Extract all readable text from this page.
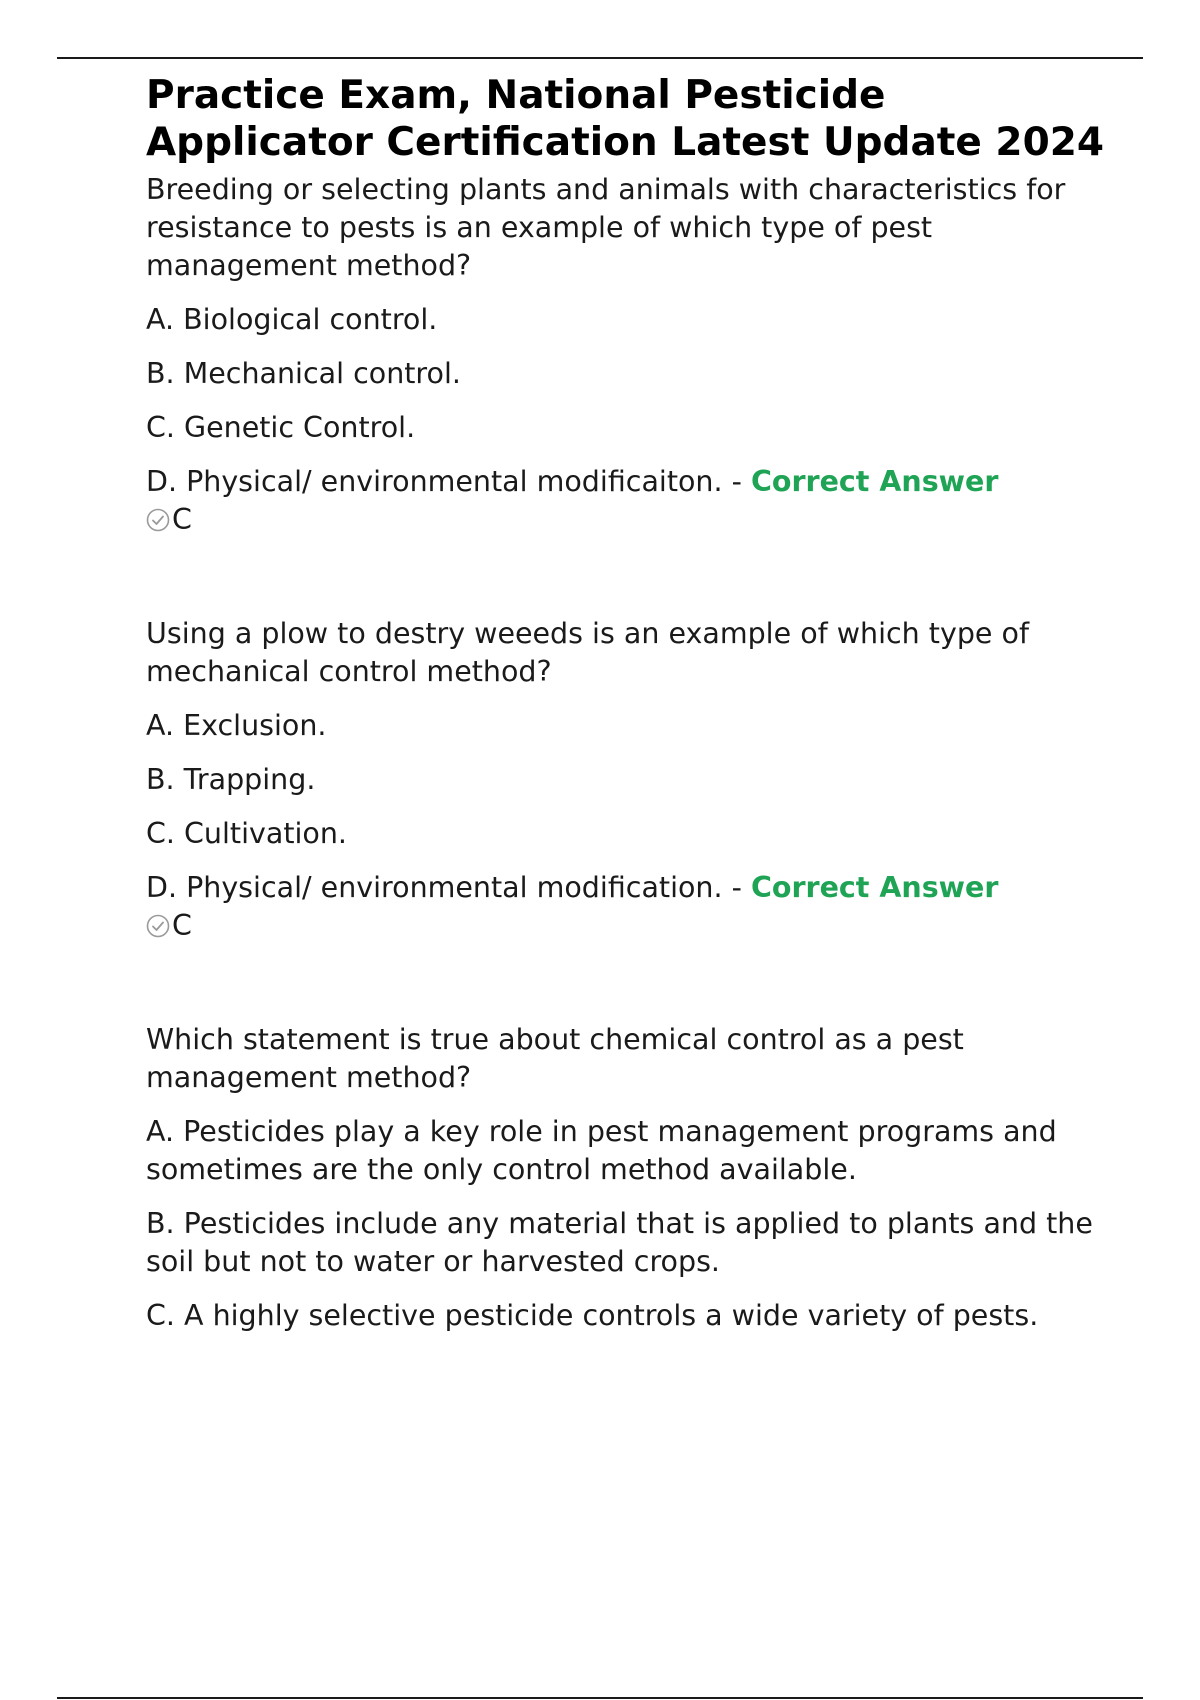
Practice Exam, National Pesticide Applicator Certification Latest Update 2024

Breeding or selecting plants and animals with characteristics for resistance to pests is an example of which type of pest management method?

A. Biological control.

B. Mechanical control.

C. Genetic Control.

D. Physical/ environmental modificaiton. - Correct Answer
C

Using a plow to destry weeeds is an example of which type of mechanical control method?

A. Exclusion.

B. Trapping.

C. Cultivation.

D. Physical/ environmental modification. - Correct Answer
C

Which statement is true about chemical control as a pest management method?

A. Pesticides play a key role in pest management programs and sometimes are the only control method available.

B. Pesticides include any material that is applied to plants and the soil but not to water or harvested crops.

C. A highly selective pesticide controls a wide variety of pests.
